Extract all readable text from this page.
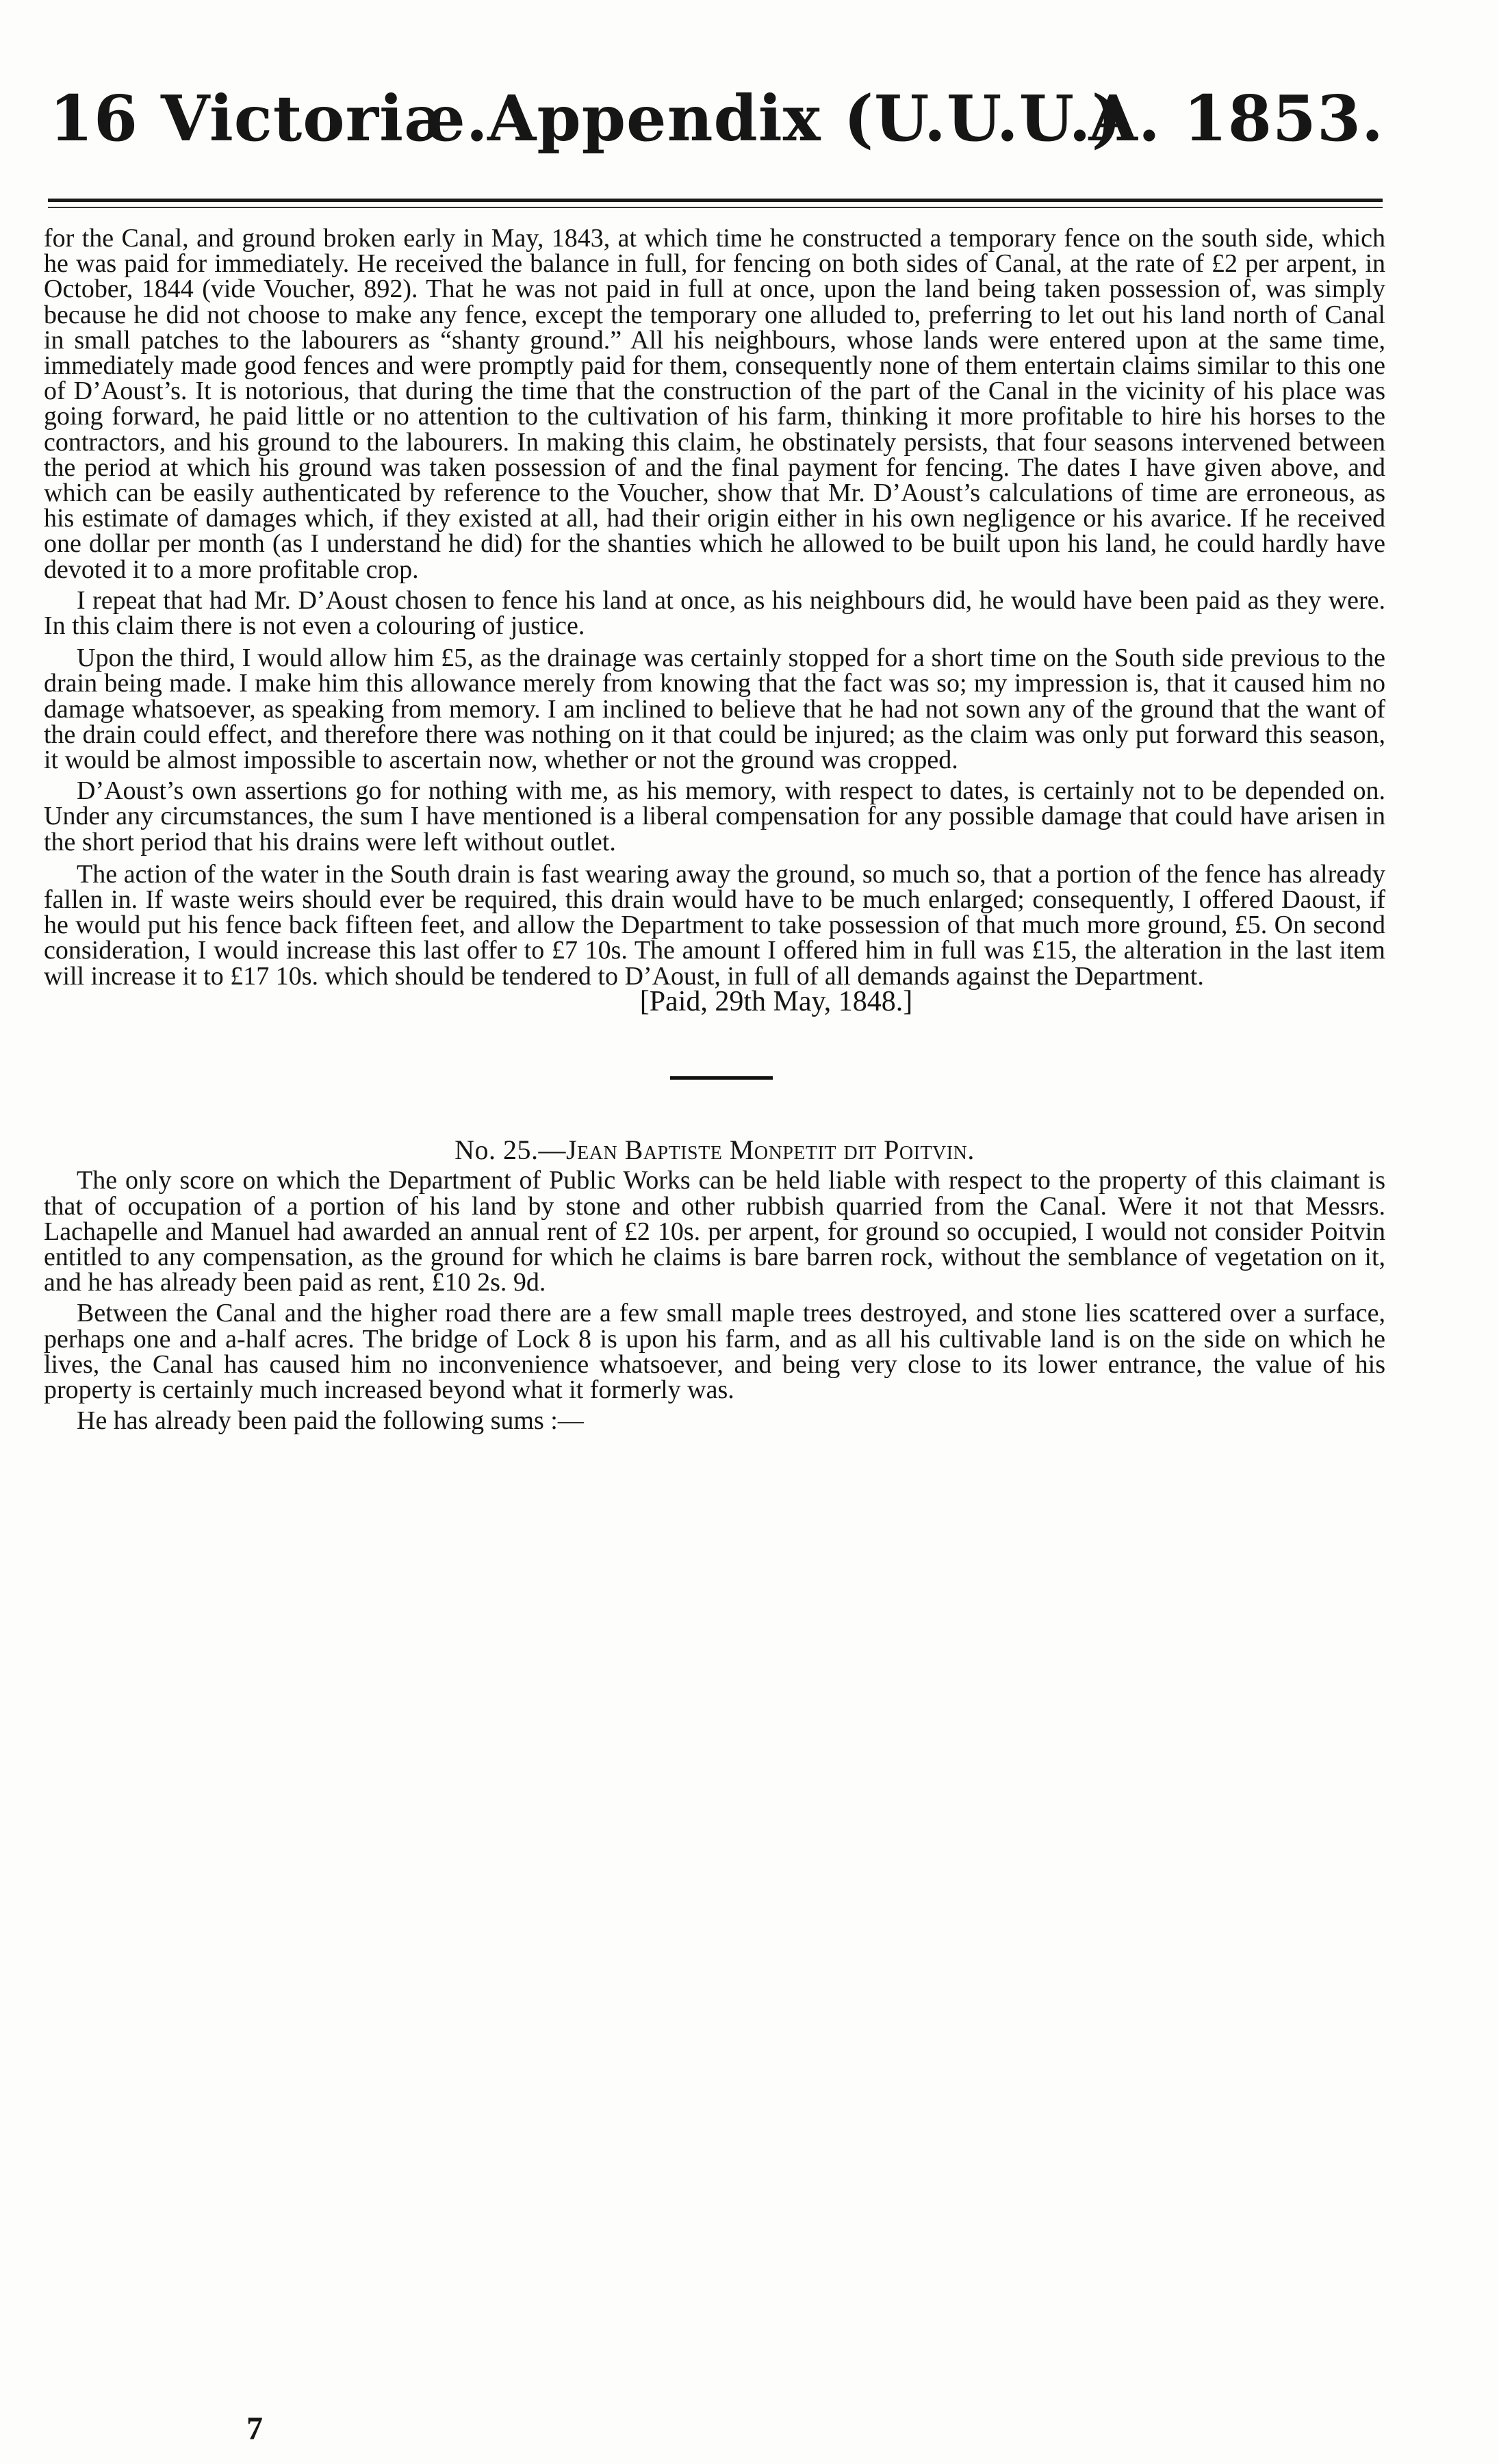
16 Victoriæ.
Appendix (U.U.U.)
A. 1853.

for the Canal, and ground broken early in May, 1843, at which time he constructed a temporary fence on the south side, which he was paid for immediately. He received the balance in full, for fencing on both sides of Canal, at the rate of £2 per arpent, in October, 1844 (vide Voucher, 892). That he was not paid in full at once, upon the land being taken possession of, was simply because he did not choose to make any fence, except the temporary one alluded to, preferring to let out his land north of Canal in small patches to the labourers as “shanty ground.” All his neighbours, whose lands were entered upon at the same time, immediately made good fences and were promptly paid for them, consequently none of them entertain claims similar to this one of D’Aoust’s. It is notorious, that during the time that the construction of the part of the Canal in the vicinity of his place was going forward, he paid little or no attention to the cultivation of his farm, thinking it more profitable to hire his horses to the contractors, and his ground to the labourers. In making this claim, he obstinately persists, that four seasons intervened between the period at which his ground was taken possession of and the final payment for fencing. The dates I have given above, and which can be easily authenticated by reference to the Voucher, show that Mr. D’Aoust’s calculations of time are erroneous, as his estimate of damages which, if they existed at all, had their origin either in his own negligence or his avarice. If he received one dollar per month (as I understand he did) for the shanties which he allowed to be built upon his land, he could hardly have devoted it to a more profitable crop.

I repeat that had Mr. D’Aoust chosen to fence his land at once, as his neighbours did, he would have been paid as they were. In this claim there is not even a colouring of justice.

Upon the third, I would allow him £5, as the drainage was certainly stopped for a short time on the South side previous to the drain being made. I make him this allowance merely from knowing that the fact was so; my impression is, that it caused him no damage whatsoever, as speaking from memory. I am inclined to believe that he had not sown any of the ground that the want of the drain could effect, and therefore there was nothing on it that could be injured; as the claim was only put forward this season, it would be almost impossible to ascertain now, whether or not the ground was cropped.

D’Aoust’s own assertions go for nothing with me, as his memory, with respect to dates, is certainly not to be depended on. Under any circumstances, the sum I have mentioned is a liberal compensation for any possible damage that could have arisen in the short period that his drains were left without outlet.

The action of the water in the South drain is fast wearing away the ground, so much so, that a portion of the fence has already fallen in. If waste weirs should ever be required, this drain would have to be much enlarged; consequently, I offered Daoust, if he would put his fence back fifteen feet, and allow the Department to take possession of that much more ground, £5. On second consideration, I would increase this last offer to £7 10s. The amount I offered him in full was £15, the alteration in the last item will increase it to £17 10s. which should be tendered to D’Aoust, in full of all demands against the Department.

[Paid, 29th May, 1848.]

No. 25.—Jean Baptiste Monpetit dit Poitvin.

The only score on which the Department of Public Works can be held liable with respect to the property of this claimant is that of occupation of a portion of his land by stone and other rubbish quarried from the Canal. Were it not that Messrs. Lachapelle and Manuel had awarded an annual rent of £2 10s. per arpent, for ground so occupied, I would not consider Poitvin entitled to any compensation, as the ground for which he claims is bare barren rock, without the semblance of vegetation on it, and he has already been paid as rent, £10 2s. 9d.

Between the Canal and the higher road there are a few small maple trees destroyed, and stone lies scattered over a surface, perhaps one and a-half acres. The bridge of Lock 8 is upon his farm, and as all his cultivable land is on the side on which he lives, the Canal has caused him no inconvenience whatsoever, and being very close to its lower entrance, the value of his property is certainly much increased beyond what it formerly was.

He has already been paid the following sums :—

7
